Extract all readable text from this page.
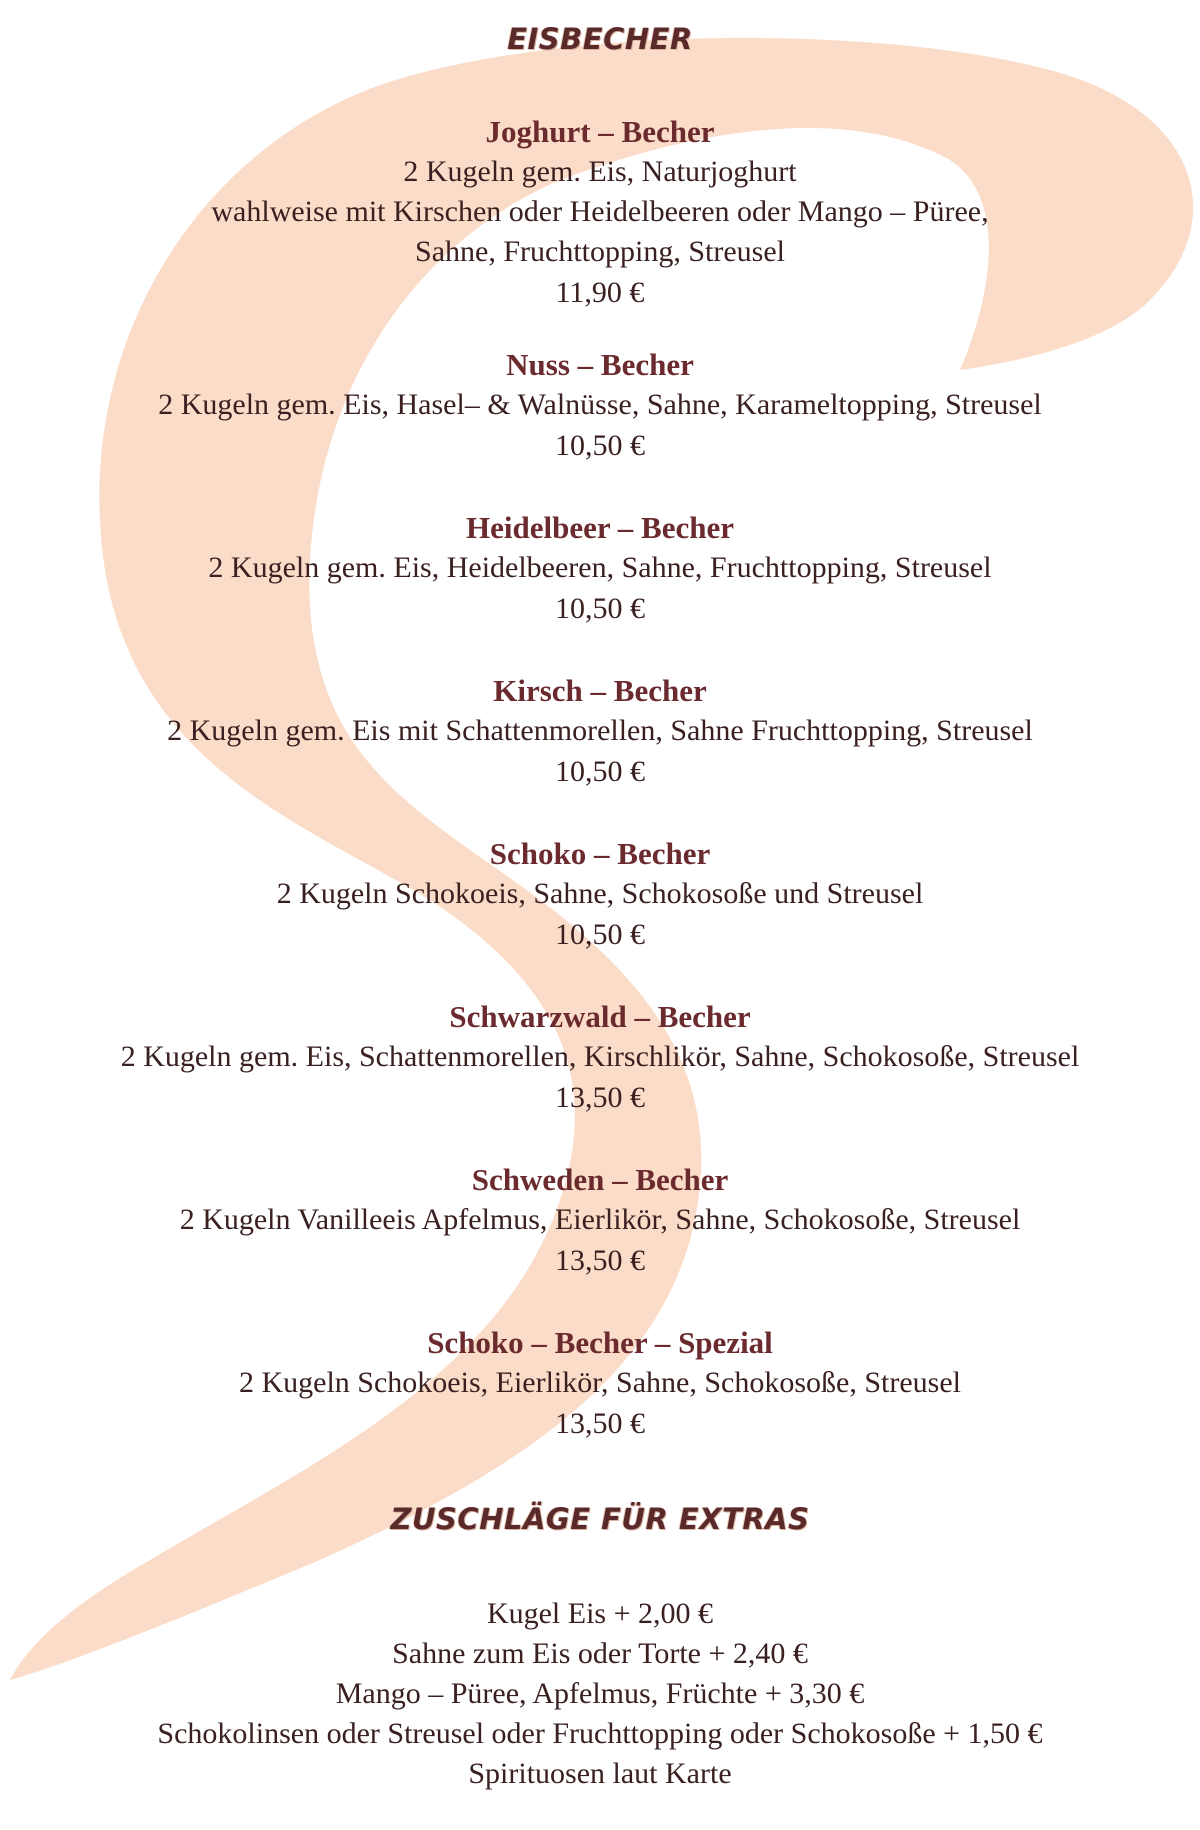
EISBECHER
Joghurt – Becher
2 Kugeln gem. Eis, Naturjoghurt
wahlweise mit Kirschen oder Heidelbeeren oder Mango – Püree,
Sahne, Fruchttopping, Streusel
11,90 €
Nuss – Becher
2 Kugeln gem. Eis, Hasel– & Walnüsse, Sahne, Karameltopping, Streusel
10,50 €
Heidelbeer – Becher
2 Kugeln gem. Eis, Heidelbeeren, Sahne, Fruchttopping, Streusel
10,50 €
Kirsch – Becher
2 Kugeln gem. Eis mit Schattenmorellen, Sahne Fruchttopping, Streusel
10,50 €
Schoko – Becher
2 Kugeln Schokoeis, Sahne, Schokosoße und Streusel
10,50 €
Schwarzwald – Becher
2 Kugeln gem. Eis, Schattenmorellen, Kirschlikör, Sahne, Schokosoße, Streusel
13,50 €
Schweden – Becher
2 Kugeln Vanilleeis Apfelmus, Eierlikör, Sahne, Schokosoße, Streusel
13,50 €
Schoko – Becher – Spezial
2 Kugeln Schokoeis, Eierlikör, Sahne, Schokosoße, Streusel
13,50 €
ZUSCHLÄGE FÜR EXTRAS
Kugel Eis + 2,00 €
Sahne zum Eis oder Torte + 2,40 €
Mango – Püree, Apfelmus, Früchte + 3,30 €
Schokolinsen oder Streusel oder Fruchttopping oder Schokosoße + 1,50 €
Spirituosen laut Karte
